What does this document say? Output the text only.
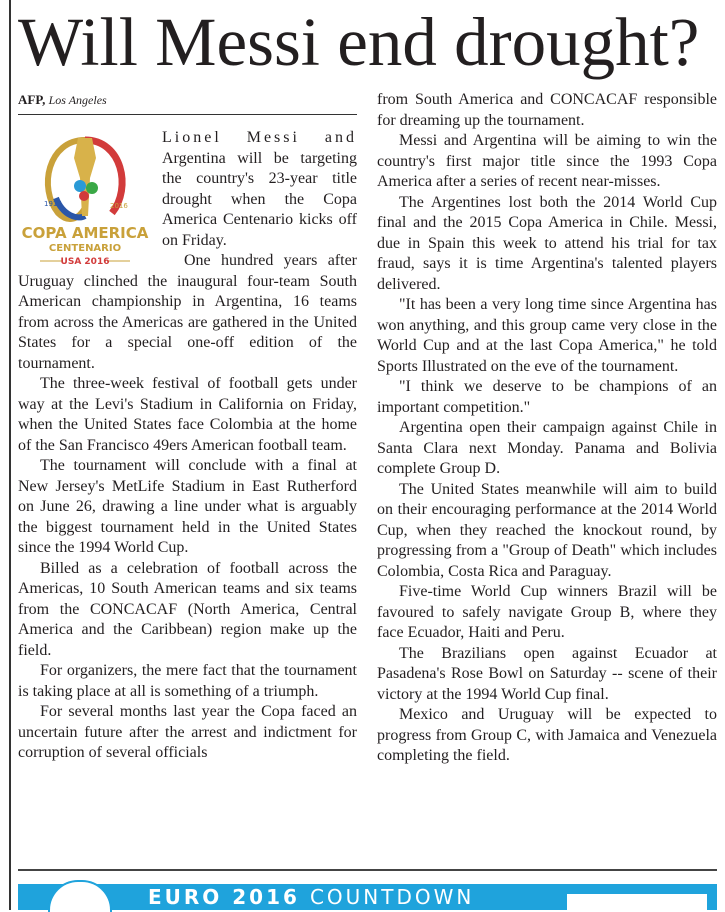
Will Messi end drought?
AFP, Los Angeles
1916	2016
COPA AMERICA
CENTENARIO
USA 2016

Lionel Messi and

Argentina will be targeting the country's 23-year title drought when the Copa America Centenario kicks off on Friday.

One hundred years after Uruguay clinched the inaugural four-team South American championship in Argentina, 16 teams from across the Americas are gathered in the United States for a special one-off edition of the tournament.

The three-week festival of football gets under way at the Levi's Stadium in California on Friday, when the United States face Colombia at the home of the San Francisco 49ers American football team.

The tournament will conclude with a final at New Jersey's MetLife Stadium in East Rutherford on June 26, drawing a line under what is arguably the biggest tournament held in the United States since the 1994 World Cup.

Billed as a celebration of football across the Americas, 10 South American teams and six teams from the CONCACAF (North America, Central America and the Caribbean) region make up the field.

For organizers, the mere fact that the tournament is taking place at all is something of a triumph.

For several months last year the Copa faced an uncertain future after the arrest and indictment for corruption of several officials

from South America and CONCACAF responsible for dreaming up the tournament.

Messi and Argentina will be aiming to win the country's first major title since the 1993 Copa America after a series of recent near-misses.

The Argentines lost both the 2014 World Cup final and the 2015 Copa America in Chile. Messi, due in Spain this week to attend his trial for tax fraud, says it is time Argentina's talented players delivered.

"It has been a very long time since Argentina has won anything, and this group came very close in the World Cup and at the last Copa America," he told Sports Illustrated on the eve of the tournament.

"I think we deserve to be champions of an important competition."

Argentina open their campaign against Chile in Santa Clara next Monday. Panama and Bolivia complete Group D.

The United States meanwhile will aim to build on their encouraging performance at the 2014 World Cup, when they reached the knockout round, by progressing from a "Group of Death" which includes Colombia, Costa Rica and Paraguay.

Five-time World Cup winners Brazil will be favoured to safely navigate Group B, where they face Ecuador, Haiti and Peru.

The Brazilians open against Ecuador at Pasadena's Rose Bowl on Saturday -- scene of their victory at the 1994 World Cup final.

Mexico and Uruguay will be expected to progress from Group C, with Jamaica and Venezuela completing the field.

EURO 2016 COUNTDOWN
